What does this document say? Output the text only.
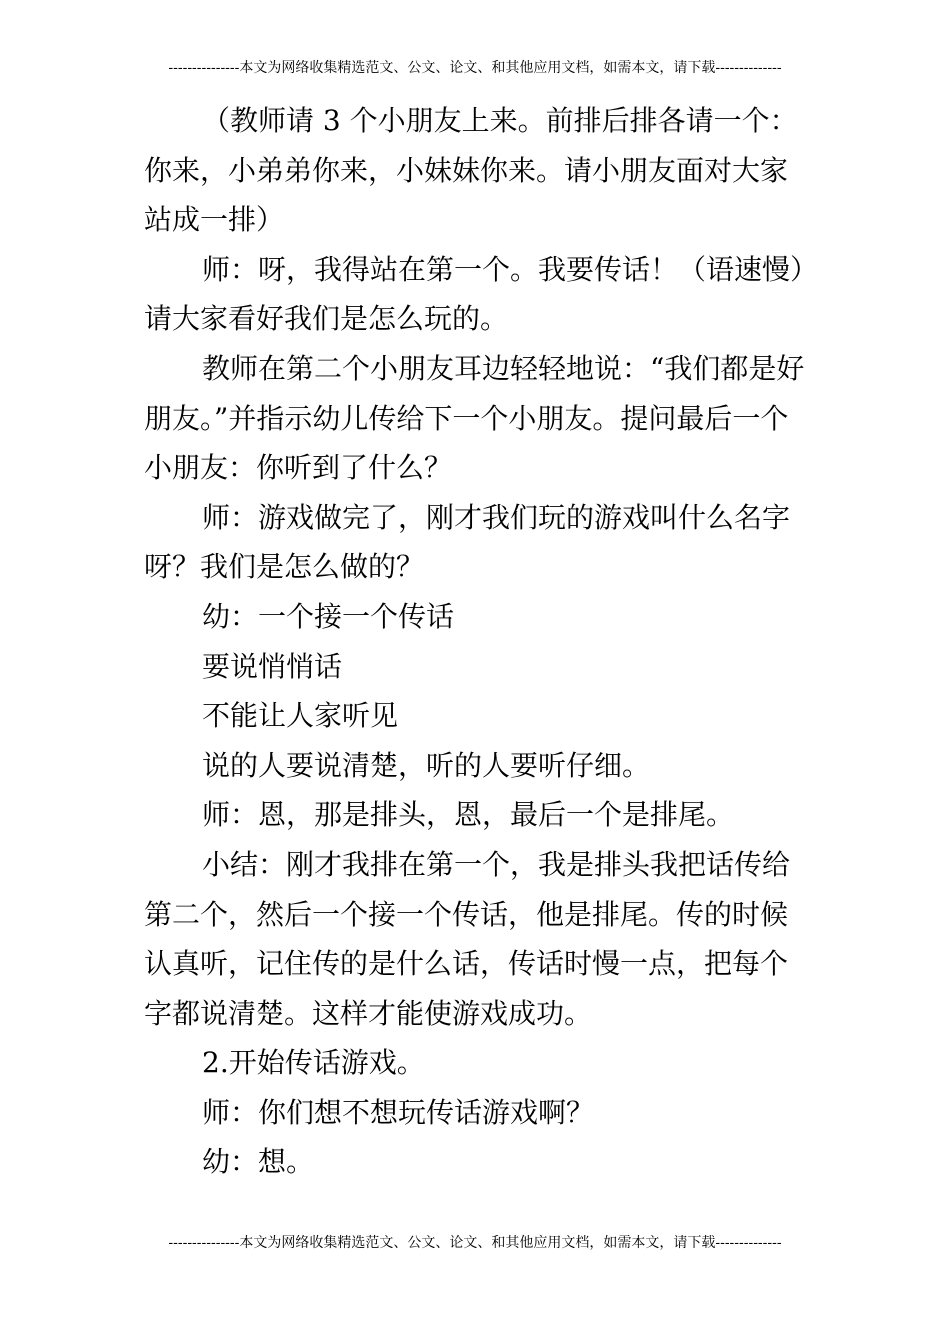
---------------本文为网络收集精选范文、公文、论文、和其他应用文档，如需本文，请下载--------------

（教师请 3 个小朋友上来。前排后排各请一个：你来，小弟弟你来，小妹妹你来。请小朋友面对大家站成一排）

师：呀，我得站在第一个。我要传话！（语速慢）请大家看好我们是怎么玩的。

教师在第二个小朋友耳边轻轻地说：“我们都是好朋友。”并指示幼儿传给下一个小朋友。提问最后一个小朋友：你听到了什么？

师：游戏做完了，刚才我们玩的游戏叫什么名字呀？我们是怎么做的？

幼：一个接一个传话

要说悄悄话

不能让人家听见

说的人要说清楚，听的人要听仔细。

师：恩，那是排头，恩，最后一个是排尾。

小结：刚才我排在第一个，我是排头我把话传给第二个，然后一个接一个传话，他是排尾。传的时候认真听，记住传的是什么话，传话时慢一点，把每个字都说清楚。这样才能使游戏成功。

2.开始传话游戏。

师：你们想不想玩传话游戏啊？

幼：想。

---------------本文为网络收集精选范文、公文、论文、和其他应用文档，如需本文，请下载--------------
